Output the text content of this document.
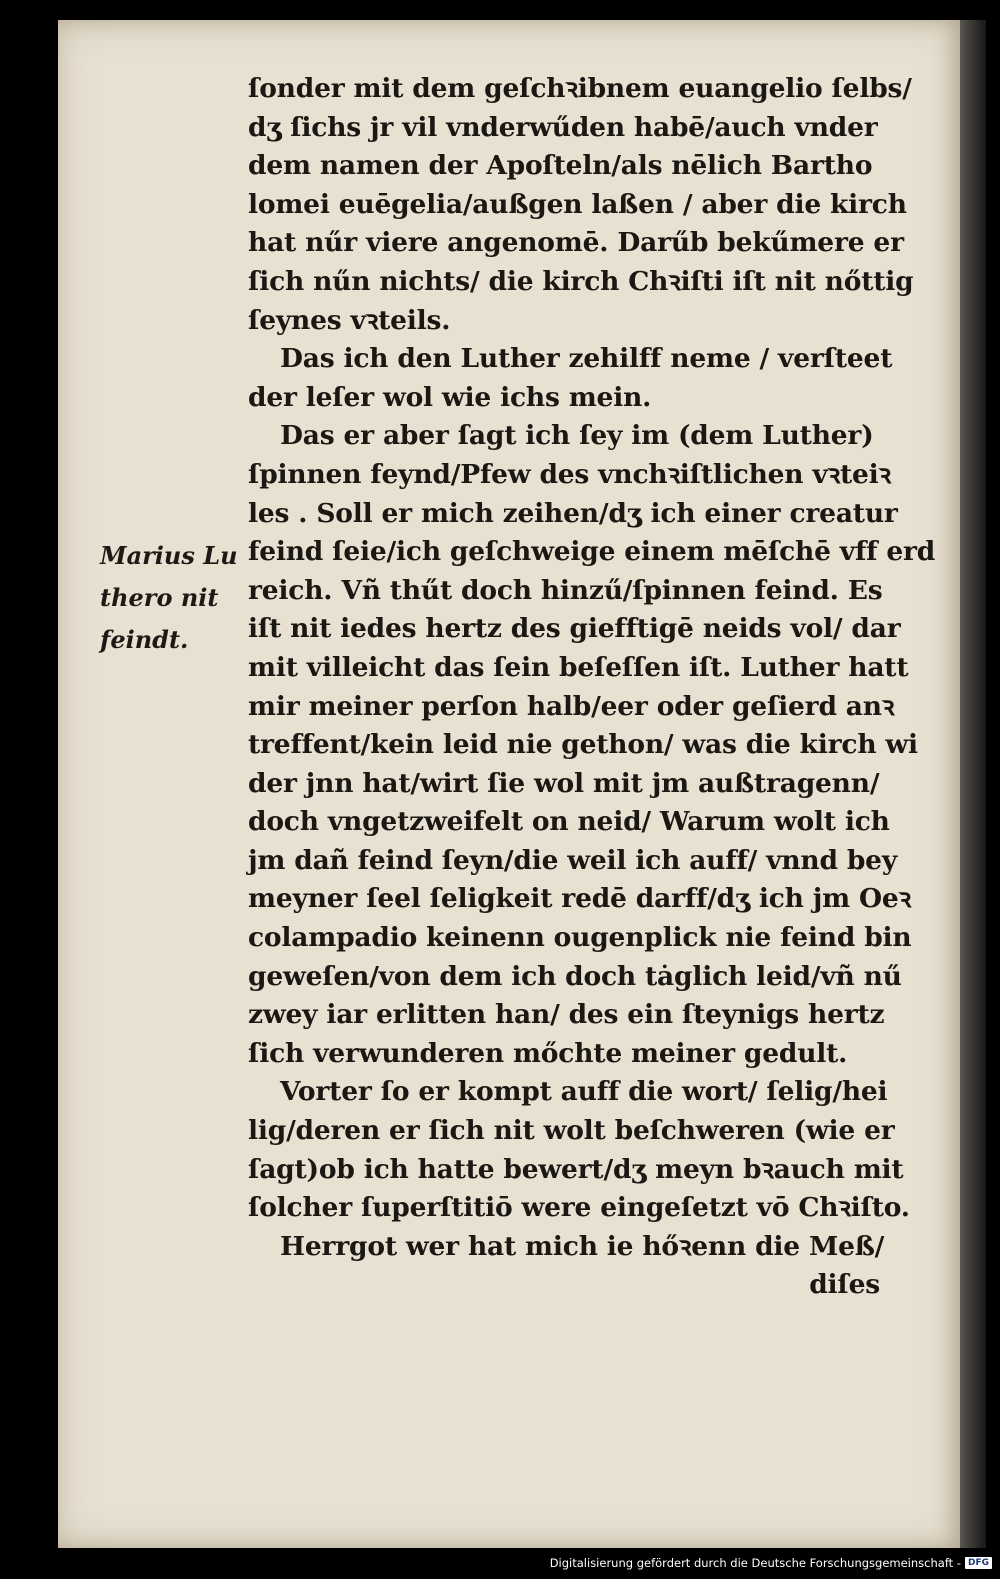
ſonder mit dem geſchꝛibnem euangelio ſelbs/
dʒ ſichs jr vil vnderwűden habē/auch vnder
dem namen der Apoſteln/als nēlich Bartho
lomei euēgelia/außgen laßen / aber die kirch
hat nűr viere angenomē. Darűb bekűmere er
ſich nűn nichts/ die kirch Chꝛiſti iſt nit nőttig
ſeynes vꝛteils.
Das ich den Luther zehilff neme / verſteet
der leſer wol wie ichs mein.
Das er aber ſagt ich ſey im (dem Luther)
ſpinnen feynd/Pfew des vnchꝛiſtlichen vꝛteiꝛ
les . Soll er mich zeihen/dʒ ich einer creatur
feind ſeie/ich geſchweige einem mēſchē vff erd
reich. Vñ thűt doch hinzű/ſpinnen feind. Es
iſt nit iedes hertz des giefftigē neids vol/ dar
mit villeicht das ſein beſeſſen iſt. Luther hatt
mir meiner perſon halb/eer oder geſierd anꝛ
treffent/kein leid nie gethon/ was die kirch wi
der jnn hat/wirt ſie wol mit jm außtragenn/
doch vngetzweifelt on neid/ Warum wolt ich
jm dañ feind ſeyn/die weil ich auff/ vnnd bey
meyner ſeel ſeligkeit redē darff/dʒ ich jm Oeꝛ
colampadio keinenn ougenplick nie feind bin
geweſen/von dem ich doch tȧglich leid/vñ nű
zwey iar erlitten han/ des ein ſteynigs hertz
ſich verwunderen mőchte meiner gedult.
Vorter ſo er kompt auff die wort/ ſelig/hei
lig/deren er ſich nit wolt beſchweren (wie er
ſagt)ob ich hatte bewert/dʒ meyn bꝛauch mit
ſolcher ſuperſtitiō were eingeſetzt vō Chꝛiſto.
Herrgot wer hat mich ie hőꝛenn die Meß/
diſes
Marius Lu
thero nit
feindt.
Digitalisierung gefördert durch die Deutsche Forschungsgemeinschaft - DFG
